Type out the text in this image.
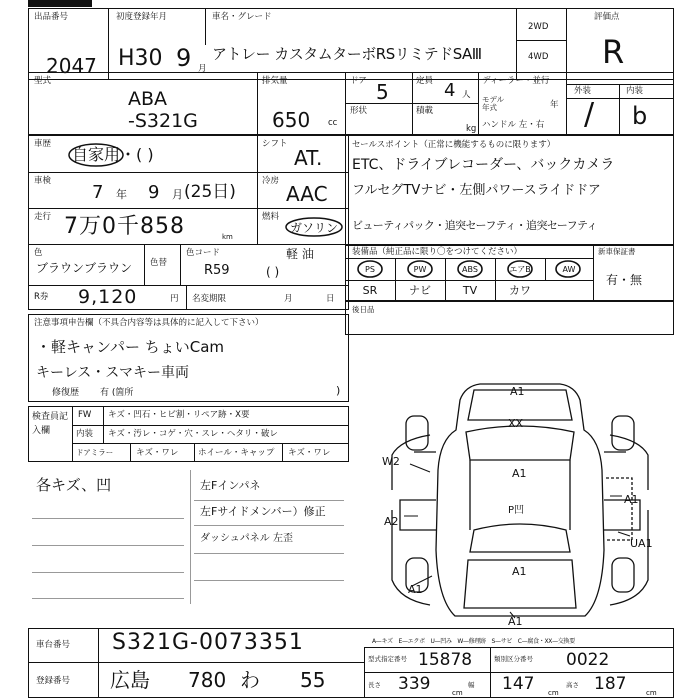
出品番号
2047
初度登録年月
H30 9 月
車名・グレード
アトレー カスタムターボRSリミテドSAⅢ
2WD
4WD
評価点
R
型式
ABA
-S321G
排気量
650 cc
ドア 5	定員 4 人
形状	積載
kg
ディーラー・並行
モデル年式	年
ハンドル 左・右
外装	内装
/ b
車歴
自家用・( )
シフト
AT.
車検
7 年 9 月 (25日)
冷房
AAC
走行 7万0千858	km
燃料
ガソリン
色
ブラウンブラウン 色替
色コード
R59
軽 油
( )
R券 9,120	円 名変期限	月	日
セールスポイント（正常に機能するものに限ります）
ETC、ドライブレコーダー、バックカメラ
フルセグTVナビ・左側パワースライドドア
ビューティパック・追突セーフティ・追突セーフティ
装備品（純正品に限り〇をつけてください）	新車保証書
有・無
PS	PW	ABS	エアB	AW
SR	ナビ	TV	カワ
後日品
注意事項申告欄（不具合内容等は具体的に記入して下さい）
・軽キャンパー ちょいCam
キーレス・スマキー車両
修復歴 有 (箇所	)
検査員記入欄
FW キズ・凹石・ヒビ割・リペア跡・X要
内装 キズ・汚レ・コゲ・穴・スレ・ヘタリ・破レ
ドアミラー	キズ・ワレ ホイール・キャップ キズ・ワレ
各キズ、凹	左Fインパネ
左Fサイドメンバー）修正
ダッシュパネル 左歪
A1
XX
A1
W2
A1
P凹
A2
A1
UA1
A1
A1
A—キズ　E—エクボ　U—凹み　W—修理跡　S—サビ　C—腐食・XX—交換要
車台番号 S321G-0073351
登録番号 広島 780 わ 55
型式指定番号 15878	類別区分番号 0022
長さ 339	cm
幅 147 cm
高さ 187	cm
